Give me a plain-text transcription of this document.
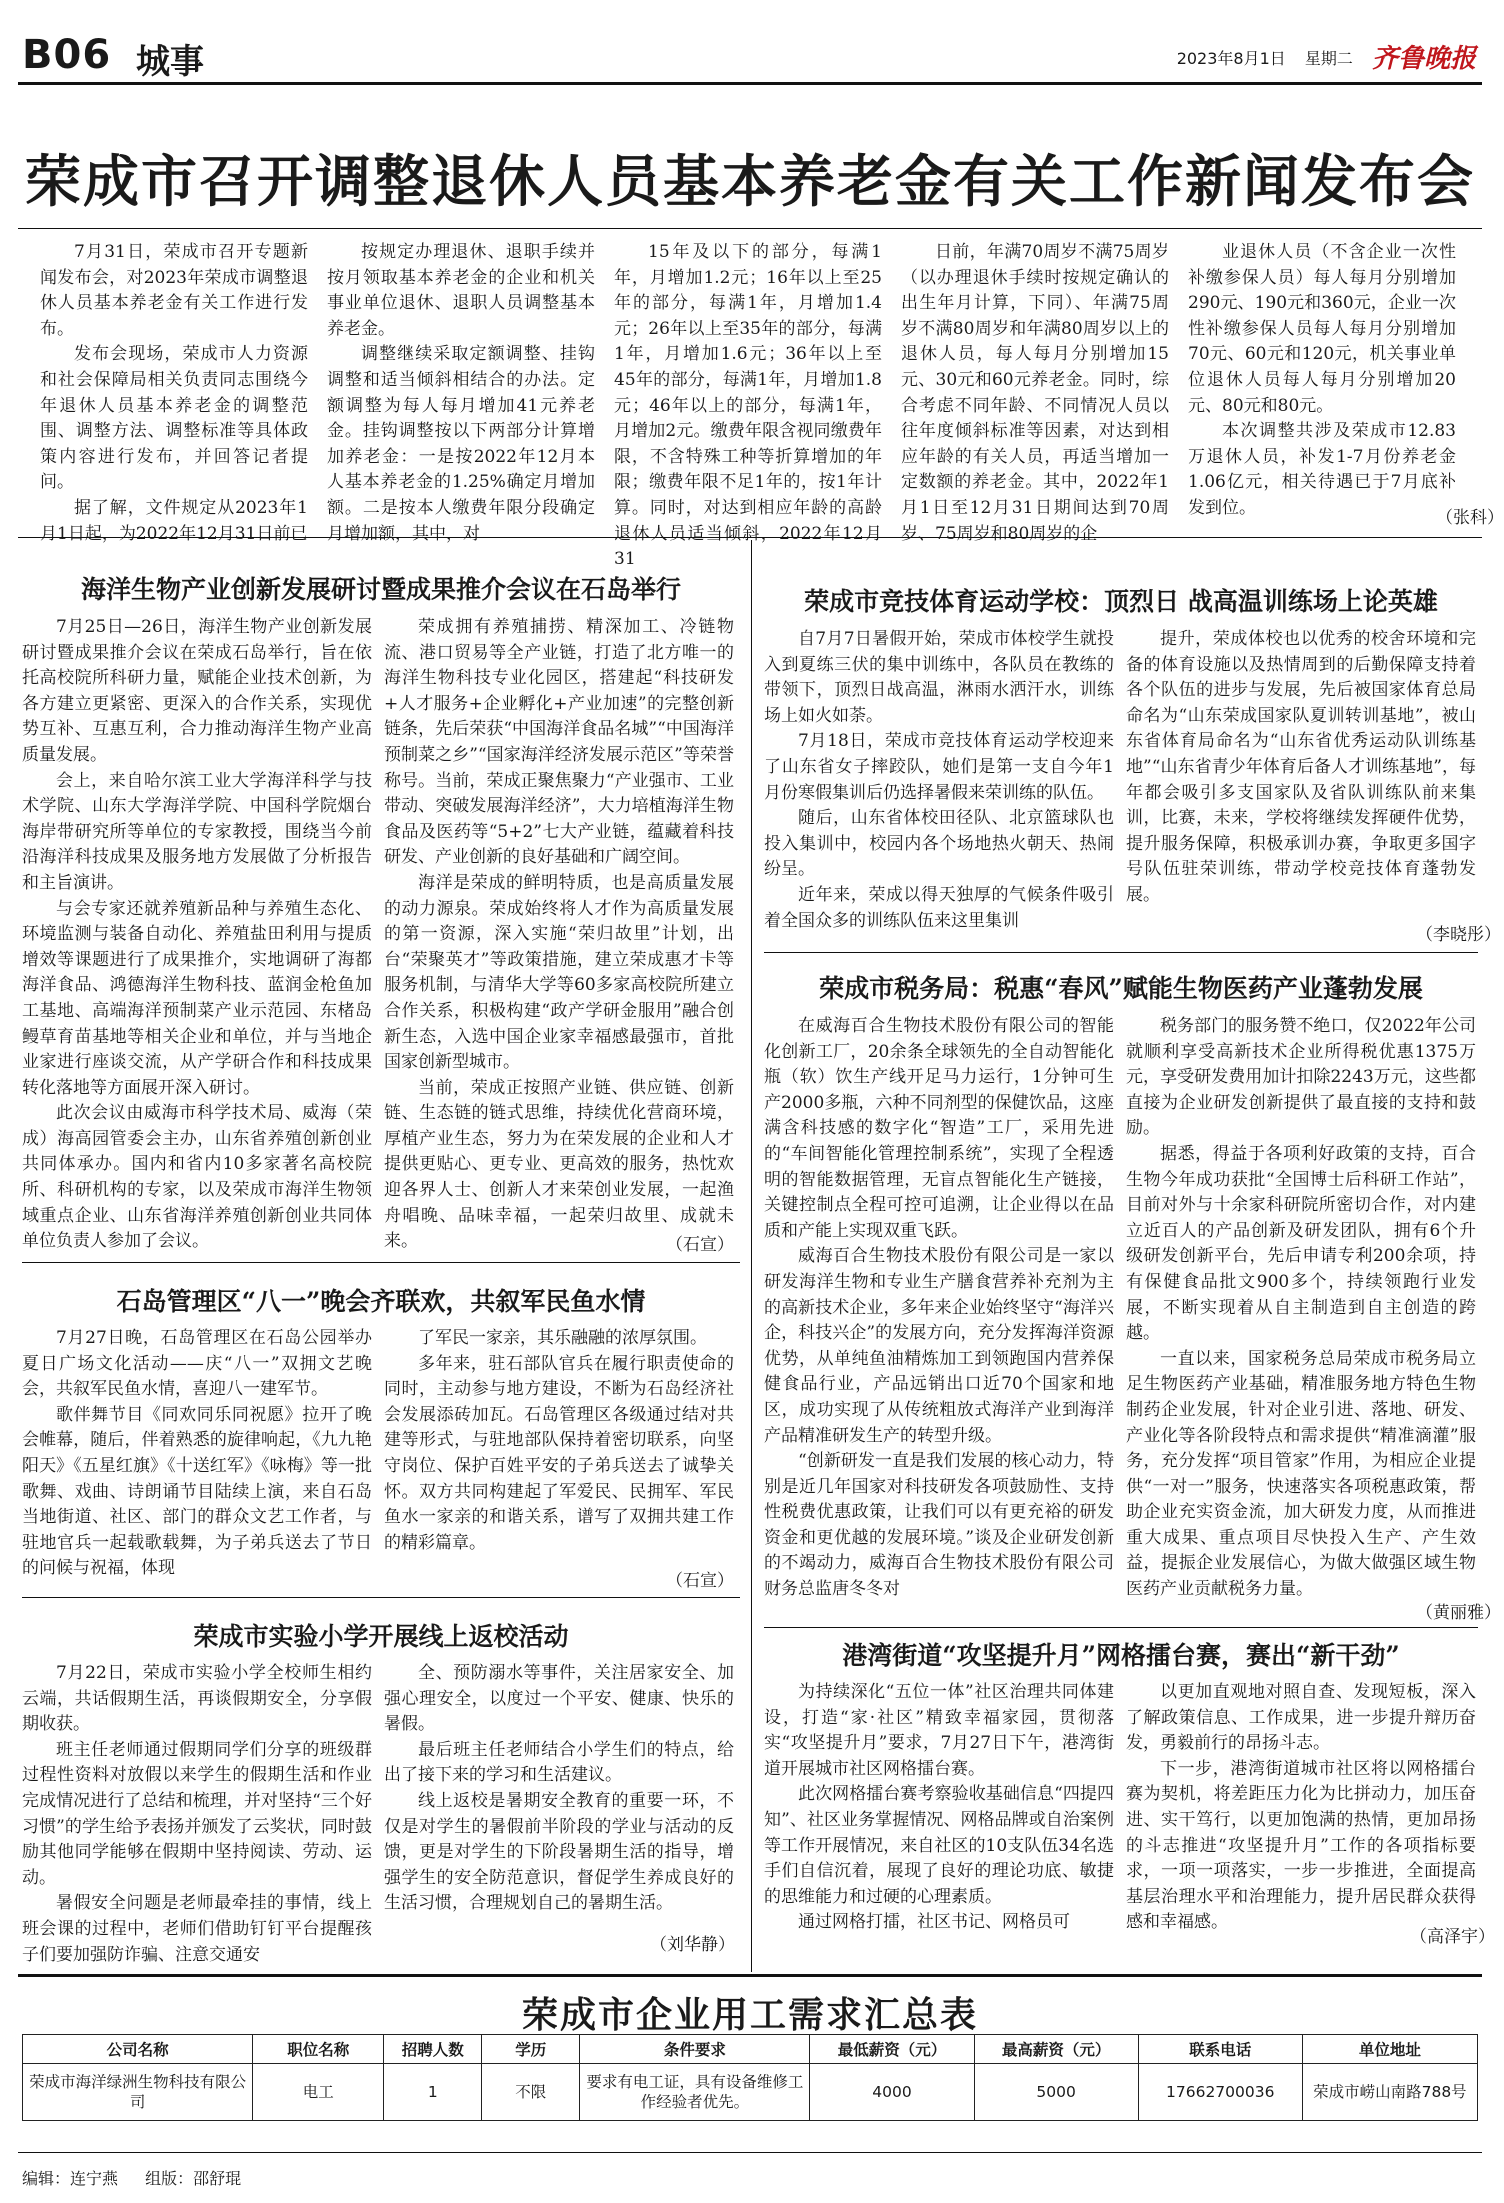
B06 城事	2023年8月1日 星期二 齐鲁晚报
荣成市召开调整退休人员基本养老金有关工作新闻发布会

7月31日，荣成市召开专题新闻发布会，对2023年荣成市调整退休人员基本养老金有关工作进行发布。

发布会现场，荣成市人力资源和社会保障局相关负责同志围绕今年退休人员基本养老金的调整范围、调整方法、调整标准等具体政策内容进行发布，并回答记者提问。

据了解，文件规定从2023年1月1日起，为2022年12月31日前已

按规定办理退休、退职手续并按月领取基本养老金的企业和机关事业单位退休、退职人员调整基本养老金。

调整继续采取定额调整、挂钩调整和适当倾斜相结合的办法。定额调整为每人每月增加41元养老金。挂钩调整按以下两部分计算增加养老金：一是按2022年12月本人基本养老金的1.25%确定月增加额。二是按本人缴费年限分段确定月增加额，其中，对

15年及以下的部分，每满1年，月增加1.2元；16年以上至25年的部分，每满1年，月增加1.4元；26年以上至35年的部分，每满1年，月增加1.6元；36年以上至45年的部分，每满1年，月增加1.8元；46年以上的部分，每满1年，月增加2元。缴费年限含视同缴费年限，不含特殊工种等折算增加的年限；缴费年限不足1年的，按1年计算。同时，对达到相应年龄的高龄退休人员适当倾斜，2022年12月31

日前，年满70周岁不满75周岁（以办理退休手续时按规定确认的出生年月计算，下同）、年满75周岁不满80周岁和年满80周岁以上的退休人员，每人每月分别增加15元、30元和60元养老金。同时，综合考虑不同年龄、不同情况人员以往年度倾斜标准等因素，对达到相应年龄的有关人员，再适当增加一定数额的养老金。其中，2022年1月1日至12月31日期间达到70周岁、75周岁和80周岁的企

业退休人员（不含企业一次性补缴参保人员）每人每月分别增加290元、190元和360元，企业一次性补缴参保人员每人每月分别增加70元、60元和120元，机关事业单位退休人员每人每月分别增加20元、80元和80元。

本次调整共涉及荣成市12.83万退休人员，补发1-7月份养老金1.06亿元，相关待遇已于7月底补发到位。

（张科）
海洋生物产业创新发展研讨暨成果推介会议在石岛举行

7月25日—26日，海洋生物产业创新发展研讨暨成果推介会议在荣成石岛举行，旨在依托高校院所科研力量，赋能企业技术创新，为各方建立更紧密、更深入的合作关系，实现优势互补、互惠互利，合力推动海洋生物产业高质量发展。

会上，来自哈尔滨工业大学海洋科学与技术学院、山东大学海洋学院、中国科学院烟台海岸带研究所等单位的专家教授，围绕当今前沿海洋科技成果及服务地方发展做了分析报告和主旨演讲。

与会专家还就养殖新品种与养殖生态化、环境监测与装备自动化、养殖盐田利用与提质增效等课题进行了成果推介，实地调研了海都海洋食品、鸿德海洋生物科技、蓝润金枪鱼加工基地、高端海洋预制菜产业示范园、东楮岛鳗草育苗基地等相关企业和单位，并与当地企业家进行座谈交流，从产学研合作和科技成果转化落地等方面展开深入研讨。

此次会议由威海市科学技术局、威海（荣成）海高园管委会主办，山东省养殖创新创业共同体承办。国内和省内10多家著名高校院所、科研机构的专家，以及荣成市海洋生物领域重点企业、山东省海洋养殖创新创业共同体单位负责人参加了会议。

荣成拥有养殖捕捞、精深加工、冷链物流、港口贸易等全产业链，打造了北方唯一的海洋生物科技专业化园区，搭建起“科技研发+人才服务+企业孵化+产业加速”的完整创新链条，先后荣获“中国海洋食品名城”“中国海洋预制菜之乡”“国家海洋经济发展示范区”等荣誉称号。当前，荣成正聚焦聚力“产业强市、工业带动、突破发展海洋经济”，大力培植海洋生物食品及医药等“5+2”七大产业链，蕴藏着科技研发、产业创新的良好基础和广阔空间。

海洋是荣成的鲜明特质，也是高质量发展的动力源泉。荣成始终将人才作为高质量发展的第一资源，深入实施“荣归故里”计划，出台“荣聚英才”等政策措施，建立荣成惠才卡等服务机制，与清华大学等60多家高校院所建立合作关系，积极构建“政产学研金服用”融合创新生态，入选中国企业家幸福感最强市，首批国家创新型城市。

当前，荣成正按照产业链、供应链、创新链、生态链的链式思维，持续优化营商环境，厚植产业生态，努力为在荣发展的企业和人才提供更贴心、更专业、更高效的服务，热忱欢迎各界人士、创新人才来荣创业发展，一起渔舟唱晚、品味幸福，一起荣归故里、成就未来。	（石宣）
石岛管理区“八一”晚会齐联欢，共叙军民鱼水情

7月27日晚，石岛管理区在石岛公园举办夏日广场文化活动——庆“八一”双拥文艺晚会，共叙军民鱼水情，喜迎八一建军节。

歌伴舞节目《同欢同乐同祝愿》拉开了晚会帷幕，随后，伴着熟悉的旋律响起，《九九艳阳天》《五星红旗》《十送红军》《咏梅》等一批歌舞、戏曲、诗朗诵节目陆续上演，来自石岛当地街道、社区、部门的群众文艺工作者，与驻地官兵一起载歌载舞，为子弟兵送去了节日的问候与祝福，体现

了军民一家亲，其乐融融的浓厚氛围。

多年来，驻石部队官兵在履行职责使命的同时，主动参与地方建设，不断为石岛经济社会发展添砖加瓦。石岛管理区各级通过结对共建等形式，与驻地部队保持着密切联系，向坚守岗位、保护百姓平安的子弟兵送去了诚挚关怀。双方共同构建起了军爱民、民拥军、军民鱼水一家亲的和谐关系，谱写了双拥共建工作的精彩篇章。

（石宣）
荣成市实验小学开展线上返校活动

7月22日，荣成市实验小学全校师生相约云端，共话假期生活，再谈假期安全，分享假期收获。

班主任老师通过假期同学们分享的班级群过程性资料对放假以来学生的假期生活和作业完成情况进行了总结和梳理，并对坚持“三个好习惯”的学生给予表扬并颁发了云奖状，同时鼓励其他同学能够在假期中坚持阅读、劳动、运动。

暑假安全问题是老师最牵挂的事情，线上班会课的过程中，老师们借助钉钉平台提醒孩子们要加强防诈骗、注意交通安

全、预防溺水等事件，关注居家安全、加强心理安全，以度过一个平安、健康、快乐的暑假。

最后班主任老师结合小学生们的特点，给出了接下来的学习和生活建议。

线上返校是暑期安全教育的重要一环，不仅是对学生的暑假前半阶段的学业与活动的反馈，更是对学生的下阶段暑期生活的指导，增强学生的安全防范意识，督促学生养成良好的生活习惯，合理规划自己的暑期生活。

（刘华静）
荣成市竞技体育运动学校：顶烈日 战高温训练场上论英雄

自7月7日暑假开始，荣成市体校学生就投入到夏练三伏的集中训练中，各队员在教练的带领下，顶烈日战高温，淋雨水洒汗水，训练场上如火如荼。

7月18日，荣成市竞技体育运动学校迎来了山东省女子摔跤队，她们是第一支自今年1月份寒假集训后仍选择暑假来荣训练的队伍。

随后，山东省体校田径队、北京篮球队也投入集训中，校园内各个场地热火朝天、热闹纷呈。

近年来，荣成以得天独厚的气候条件吸引着全国众多的训练队伍来这里集训

提升，荣成体校也以优秀的校舍环境和完备的体育设施以及热情周到的后勤保障支持着各个队伍的进步与发展，先后被国家体育总局命名为“山东荣成国家队夏训转训基地”，被山东省体育局命名为“山东省优秀运动队训练基地”“山东省青少年体育后备人才训练基地”，每年都会吸引多支国家队及省队训练队前来集训，比赛，未来，学校将继续发挥硬件优势，提升服务保障，积极承训办赛，争取更多国字号队伍驻荣训练，带动学校竞技体育蓬勃发展。

（李晓彤）
荣成市税务局：税惠“春风”赋能生物医药产业蓬勃发展

在威海百合生物技术股份有限公司的智能化创新工厂，20余条全球领先的全自动智能化瓶（软）饮生产线开足马力运行，1分钟可生产2000多瓶，六种不同剂型的保健饮品，这座满含科技感的数字化“智造”工厂，采用先进的“车间智能化管理控制系统”，实现了全程透明的智能数据管理，无盲点智能化生产链接，关键控制点全程可控可追溯，让企业得以在品质和产能上实现双重飞跃。

威海百合生物技术股份有限公司是一家以研发海洋生物和专业生产膳食营养补充剂为主的高新技术企业，多年来企业始终坚守“海洋兴企，科技兴企”的发展方向，充分发挥海洋资源优势，从单纯鱼油精炼加工到领跑国内营养保健食品行业，产品远销出口近70个国家和地区，成功实现了从传统粗放式海洋产业到海洋产品精准研发生产的转型升级。

“创新研发一直是我们发展的核心动力，特别是近几年国家对科技研发各项鼓励性、支持性税费优惠政策，让我们可以有更充裕的研发资金和更优越的发展环境。”谈及企业研发创新的不竭动力，威海百合生物技术股份有限公司财务总监唐冬冬对

税务部门的服务赞不绝口，仅2022年公司就顺利享受高新技术企业所得税优惠1375万元，享受研发费用加计扣除2243万元，这些都直接为企业研发创新提供了最直接的支持和鼓励。

据悉，得益于各项利好政策的支持，百合生物今年成功获批“全国博士后科研工作站”，目前对外与十余家科研院所密切合作，对内建立近百人的产品创新及研发团队，拥有6个升级研发创新平台，先后申请专利200余项，持有保健食品批文900多个，持续领跑行业发展，不断实现着从自主制造到自主创造的跨越。

一直以来，国家税务总局荣成市税务局立足生物医药产业基础，精准服务地方特色生物制药企业发展，针对企业引进、落地、研发、产业化等各阶段特点和需求提供“精准滴灌”服务，充分发挥“项目管家”作用，为相应企业提供“一对一”服务，快速落实各项税惠政策，帮助企业充实资金流，加大研发力度，从而推进重大成果、重点项目尽快投入生产、产生效益，提振企业发展信心，为做大做强区域生物医药产业贡献税务力量。

（黄丽雅）
港湾街道“攻坚提升月”网格擂台赛，赛出“新干劲”

为持续深化“五位一体”社区治理共同体建设，打造“家·社区”精致幸福家园，贯彻落实“攻坚提升月”要求，7月27日下午，港湾街道开展城市社区网格擂台赛。

此次网格擂台赛考察验收基础信息“四提四知”、社区业务掌握情况、网格品牌或自治案例等工作开展情况，来自社区的10支队伍34名选手们自信沉着，展现了良好的理论功底、敏捷的思维能力和过硬的心理素质。

通过网格打擂，社区书记、网格员可

以更加直观地对照自查、发现短板，深入了解政策信息、工作成果，进一步提升辩历奋发，勇毅前行的昂扬斗志。

下一步，港湾街道城市社区将以网格擂台赛为契机，将差距压力化为比拼动力，加压奋进、实干笃行，以更加饱满的热情，更加昂扬的斗志推进“攻坚提升月”工作的各项指标要求，一项一项落实，一步一步推进，全面提高基层治理水平和治理能力，提升居民群众获得感和幸福感。

（高泽宇）
荣成市企业用工需求汇总表
公司名称	职位名称	招聘人数	学历	条件要求	最低薪资（元）	最高薪资（元）	联系电话	单位地址
荣成市海洋绿洲生物科技有限公司	电工	1	不限	要求有电工证，具有设备维修工作经验者优先。	4000	5000	17662700036	荣成市崂山南路788号
编辑：连宁燕 组版：邵舒琨
